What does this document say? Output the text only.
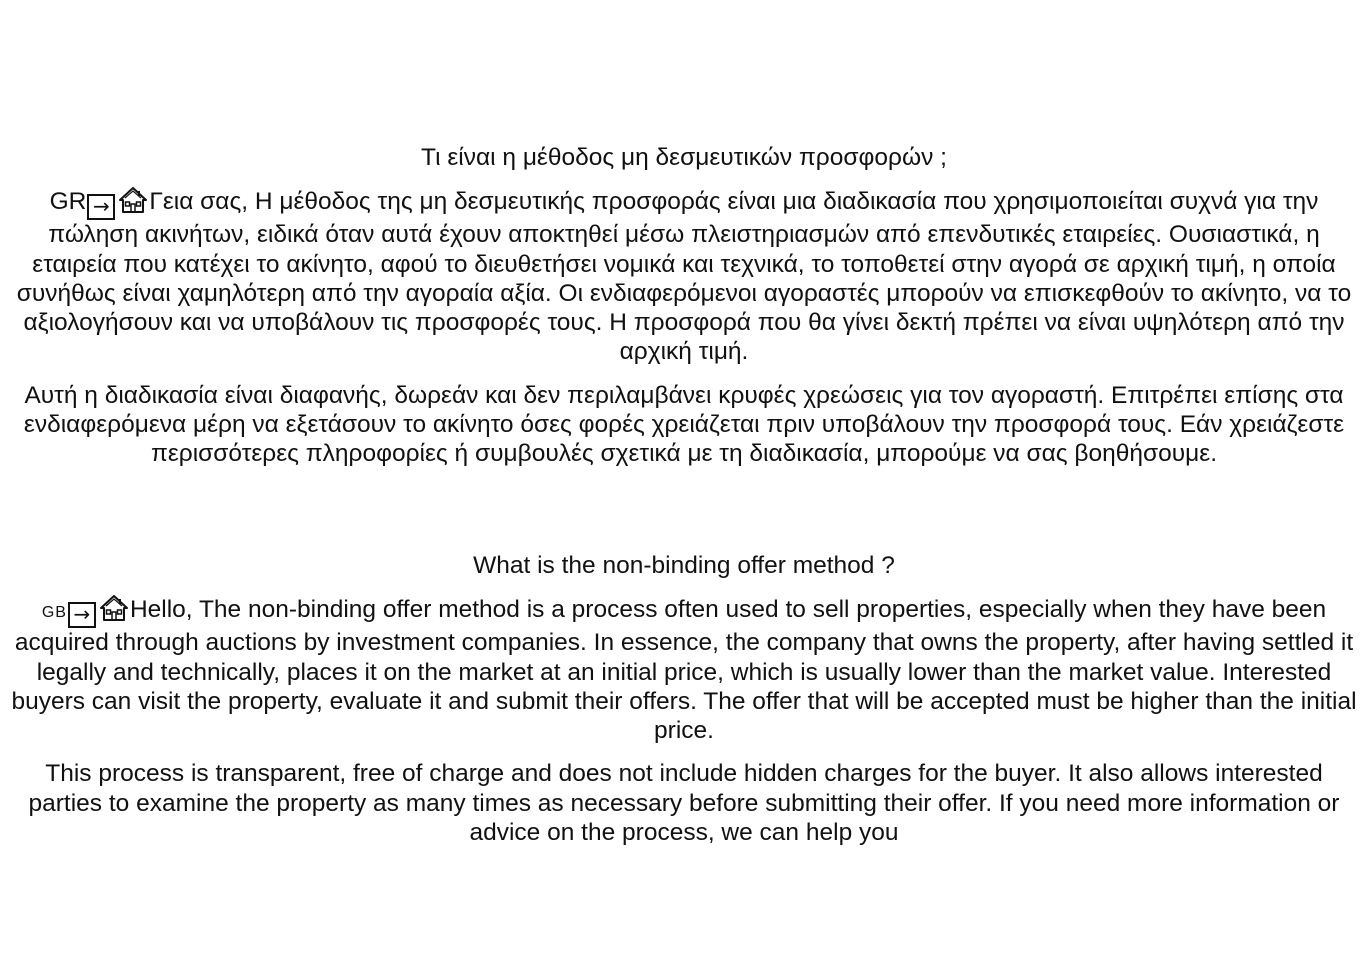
Τι είναι η μέθοδος μη δεσμευτικών προσφορών ;

GR → Γεια σας, Η μέθοδος της μη δεσμευτικής προσφοράς είναι μια διαδικασία που χρησιμοποιείται συχνά για την πώληση ακινήτων, ειδικά όταν αυτά έχουν αποκτηθεί μέσω πλειστηριασμών από επενδυτικές εταιρείες. Ουσιαστικά, η εταιρεία που κατέχει το ακίνητο, αφού το διευθετήσει νομικά και τεχνικά, το τοποθετεί στην αγορά σε αρχική τιμή, η οποία συνήθως είναι χαμηλότερη από την αγοραία αξία. Οι ενδιαφερόμενοι αγοραστές μπορούν να επισκεφθούν το ακίνητο, να το αξιολογήσουν και να υποβάλουν τις προσφορές τους. Η προσφορά που θα γίνει δεκτή πρέπει να είναι υψηλότερη από την αρχική τιμή.

Αυτή η διαδικασία είναι διαφανής, δωρεάν και δεν περιλαμβάνει κρυφές χρεώσεις για τον αγοραστή. Επιτρέπει επίσης στα ενδιαφερόμενα μέρη να εξετάσουν το ακίνητο όσες φορές χρειάζεται πριν υποβάλουν την προσφορά τους. Εάν χρειάζεστε περισσότερες πληροφορίες ή συμβουλές σχετικά με τη διαδικασία, μπορούμε να σας βοηθήσουμε.

What is the non-binding offer method ?

GB → Hello, The non-binding offer method is a process often used to sell properties, especially when they have been acquired through auctions by investment companies. In essence, the company that owns the property, after having settled it legally and technically, places it on the market at an initial price, which is usually lower than the market value. Interested buyers can visit the property, evaluate it and submit their offers. The offer that will be accepted must be higher than the initial price.

This process is transparent, free of charge and does not include hidden charges for the buyer. It also allows interested parties to examine the property as many times as necessary before submitting their offer. If you need more information or advice on the process, we can help you
